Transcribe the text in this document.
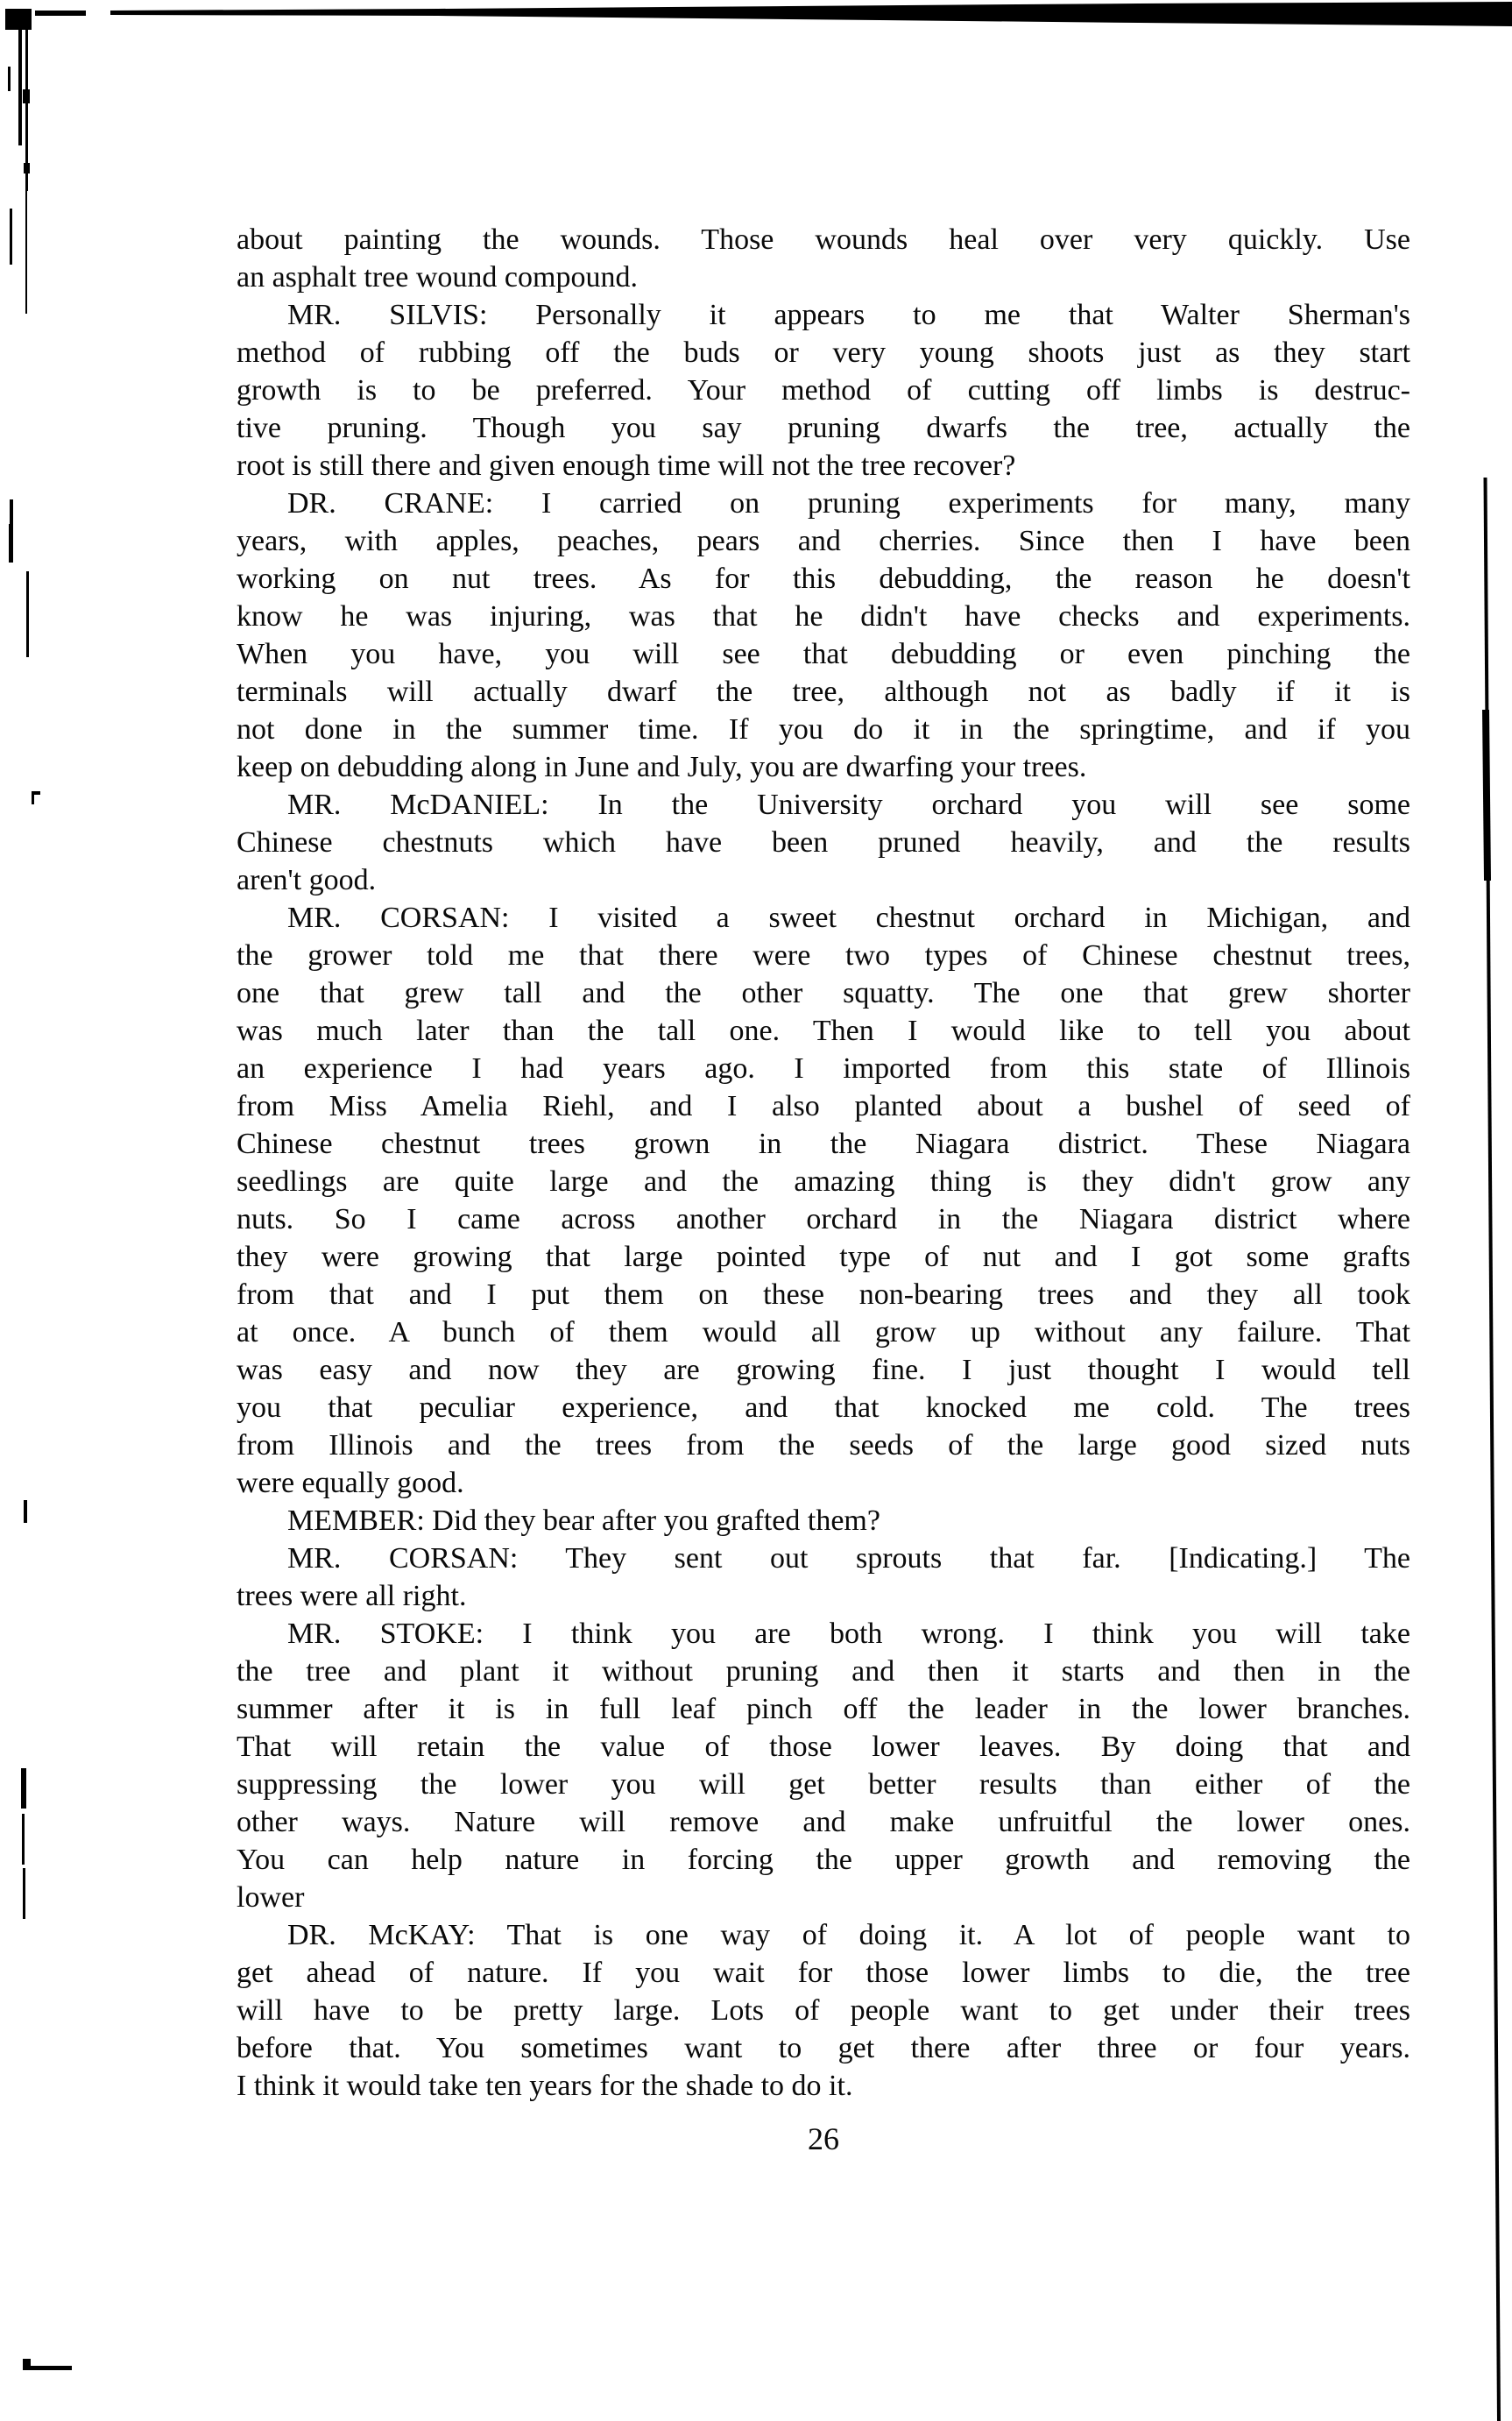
about painting the wounds. Those wounds heal over very quickly. Use
an asphalt tree wound compound.
MR. SILVIS: Personally it appears to me that Walter Sherman's
method of rubbing off the buds or very young shoots just as they start
growth is to be preferred. Your method of cutting off limbs is destruc-
tive pruning. Though you say pruning dwarfs the tree, actually the
root is still there and given enough time will not the tree recover?
DR. CRANE: I carried on pruning experiments for many, many
years, with apples, peaches, pears and cherries. Since then I have been
working on nut trees. As for this debudding, the reason he doesn't
know he was injuring, was that he didn't have checks and experiments.
When you have, you will see that debudding or even pinching the
terminals will actually dwarf the tree, although not as badly if it is
not done in the summer time. If you do it in the springtime, and if you
keep on debudding along in June and July, you are dwarfing your trees.
MR. McDANIEL: In the University orchard you will see some
Chinese chestnuts which have been pruned heavily, and the results
aren't good.
MR. CORSAN: I visited a sweet chestnut orchard in Michigan, and
the grower told me that there were two types of Chinese chestnut trees,
one that grew tall and the other squatty. The one that grew shorter
was much later than the tall one. Then I would like to tell you about
an experience I had years ago. I imported from this state of Illinois
from Miss Amelia Riehl, and I also planted about a bushel of seed of
Chinese chestnut trees grown in the Niagara district. These Niagara
seedlings are quite large and the amazing thing is they didn't grow any
nuts. So I came across another orchard in the Niagara district where
they were growing that large pointed type of nut and I got some grafts
from that and I put them on these non-bearing trees and they all took
at once. A bunch of them would all grow up without any failure. That
was easy and now they are growing fine. I just thought I would tell
you that peculiar experience, and that knocked me cold. The trees
from Illinois and the trees from the seeds of the large good sized nuts
were equally good.
MEMBER: Did they bear after you grafted them?
MR. CORSAN: They sent out sprouts that far. [Indicating.] The
trees were all right.
MR. STOKE: I think you are both wrong. I think you will take
the tree and plant it without pruning and then it starts and then in the
summer after it is in full leaf pinch off the leader in the lower branches.
That will retain the value of those lower leaves. By doing that and
suppressing the lower you will get better results than either of the
other ways. Nature will remove and make unfruitful the lower ones.
You can help nature in forcing the upper growth and removing the
lower
DR. McKAY: That is one way of doing it. A lot of people want to
get ahead of nature. If you wait for those lower limbs to die, the tree
will have to be pretty large. Lots of people want to get under their trees
before that. You sometimes want to get there after three or four years.
I think it would take ten years for the shade to do it.
26
